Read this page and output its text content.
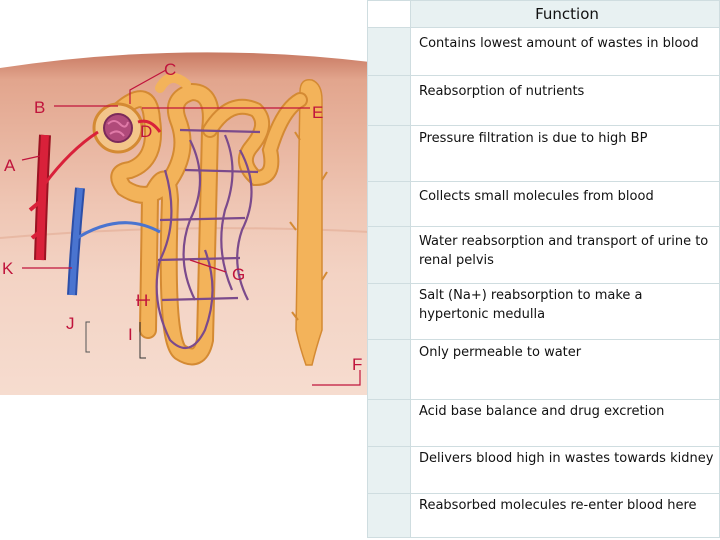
C
B	E
D
A
K	G
H
J
I
F
	Function
	Contains lowest amount of wastes in blood
	Reabsorption of nutrients
	Pressure filtration is due to high BP
	Collects small molecules from blood
	Water reabsorption and transport of urine to renal pelvis
	Salt (Na+) reabsorption to make a hypertonic medulla
	Only permeable to water
	Acid base balance and drug excretion
	Delivers blood high in wastes towards kidney
	Reabsorbed molecules re-enter blood here
